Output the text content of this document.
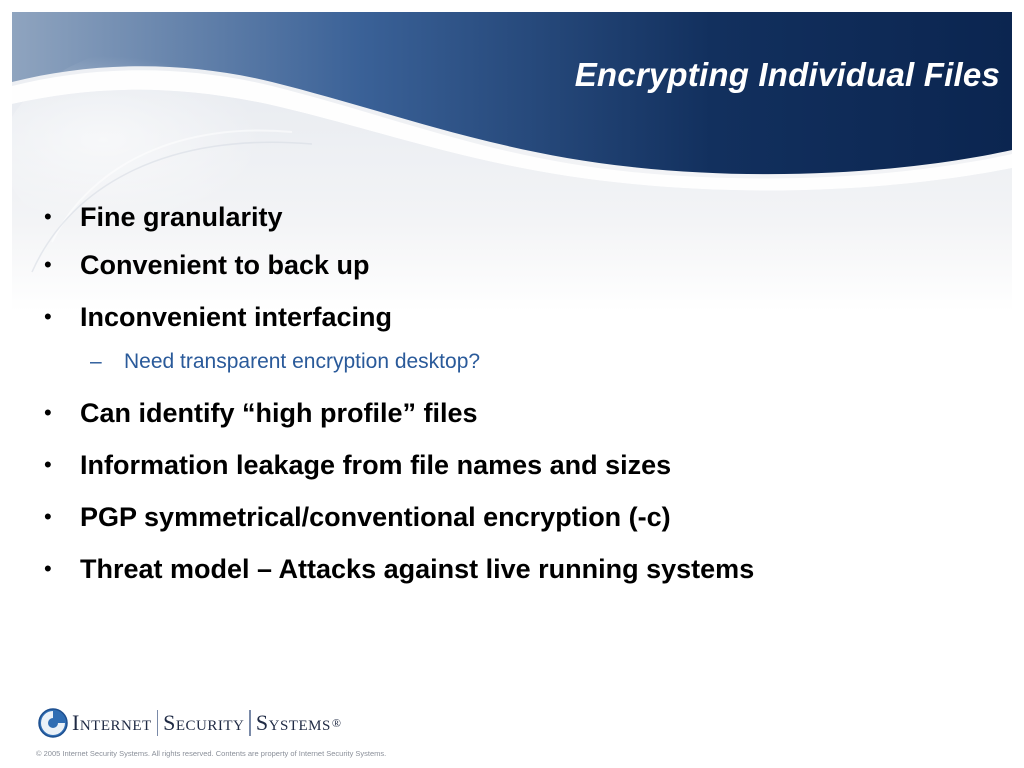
Encrypting Individual Files
• Fine granularity
• Convenient to back up
• Inconvenient interfacing
– Need transparent encryption desktop?
• Can identify “high profile” files
• Information leakage from file names and sizes
• PGP symmetrical/conventional encryption (-c)
• Threat model – Attacks against live running systems
Internet Security Systems ®
© 2005 Internet Security Systems. All rights reserved. Contents are property of Internet Security Systems.
